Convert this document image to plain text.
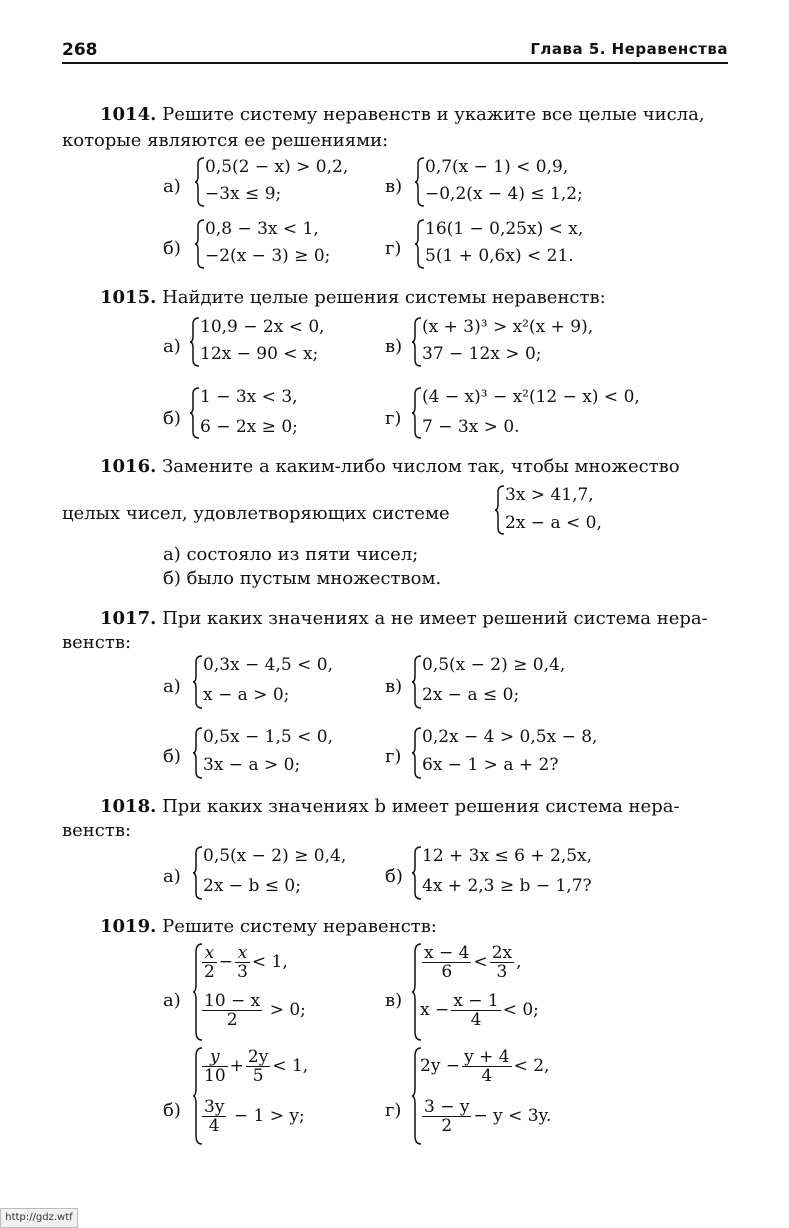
268	Глава 5. Неравенства
1014. Решите систему неравенств и укажите все целые числа,
которые являются ее решениями:
а)
0,5(2 − x) > 0,2,
−3x ≤ 9;	в)
0,7(x − 1) < 0,9,
−0,2(x − 4) ≤ 1,2;
б)
0,8 − 3x < 1,
−2(x − 3) ≥ 0;	г)
16(1 − 0,25x) < x,
5(1 + 0,6x) < 21.
1015. Найдите целые решения системы неравенств:
а)
10,9 − 2x < 0,
12x − 90 < x;	в)
(x + 3)³ > x²(x + 9),
37 − 12x > 0;
б)
1 − 3x < 3,
6 − 2x ≥ 0;	г)
(4 − x)³ − x²(12 − x) < 0,
7 − 3x > 0.
1016. Замените a каким-либо числом так, чтобы множество
целых чисел, удовлетворяющих системе
3x > 41,7,
2x − a < 0,
а) состояло из пяти чисел;
б) было пустым множеством.
1017. При каких значениях a не имеет решений система нера-
венств:
а)
0,3x − 4,5 < 0,
x − a > 0;	в)
0,5(x − 2) ≥ 0,4,
2x − a ≤ 0;
б)
0,5x − 1,5 < 0,
3x − a > 0;	г)
0,2x − 4 > 0,5x − 8,
6x − 1 > a + 2?
1018. При каких значениях b имеет решения система нера-
венств:
а)
0,5(x − 2) ≥ 0,4,
2x − b ≤ 0;	б)
12 + 3x ≤ 6 + 2,5x,
4x + 2,3 ≥ b − 1,7?
1019. Решите систему неравенств:
а)
$\frac{x}{2} - \frac{x}{3} < 1$,
$\frac{10 - x}{2} > 0$;	в)
$\frac{x - 4}{6} < \frac{2x}{3}$ ,
$x - \frac{x - 1}{4} < 0$;
б)
$\frac{y}{10} + \frac{2y}{5} < 1$,
$\frac{3y}{4} - 1 > y$;	г)
$2y - \frac{y + 4}{4} < 2$,
$\frac{3 - y}{2} - y < 3y$.
http://gdz.wtf
